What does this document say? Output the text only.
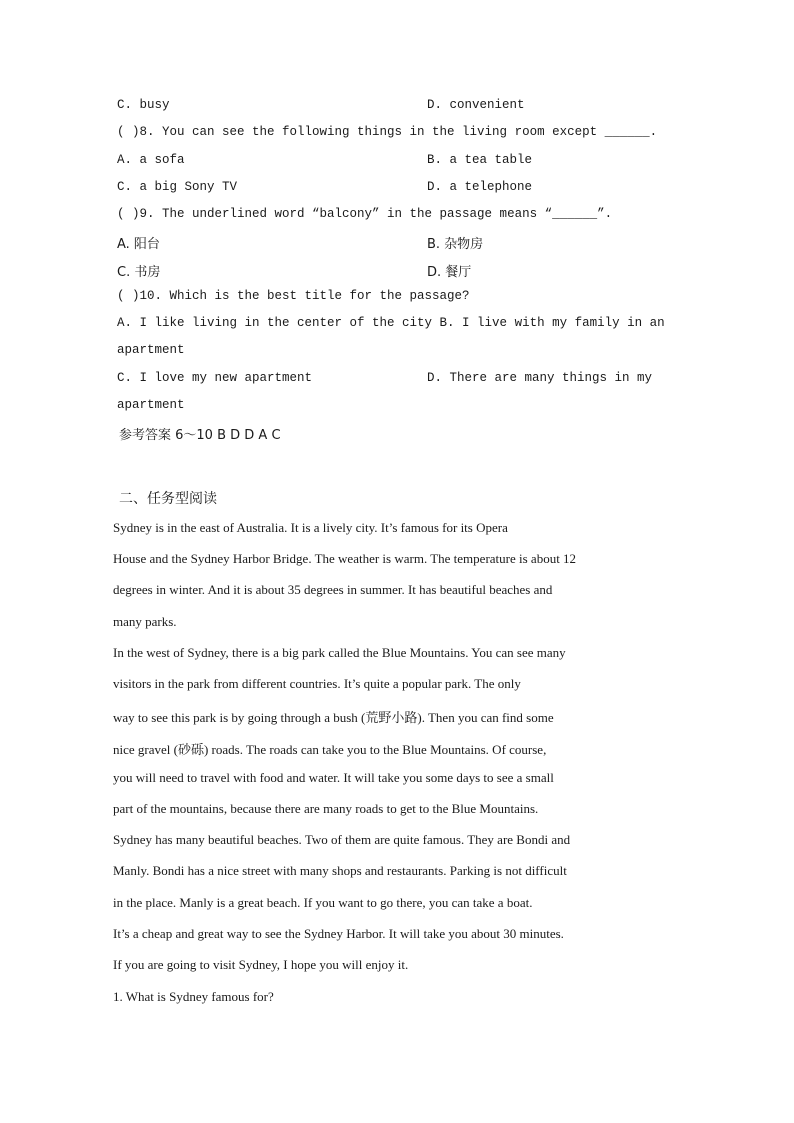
C. busy	D. convenient
( )8. You can see the following things in the living room except ______.
A. a sofa	B. a tea table
C. a big Sony TV	D. a telephone
( )9. The underlined word “balcony” in the passage means “______”.
A. 阳台	B. 杂物房
C. 书房	D. 餐厅
( )10. Which is the best title for the passage?
A. I like living in the center of the city B. I live with my family in an
apartment
C. I love my new apartment	D. There are many things in my
apartment
参考答案 6～10 B D D A C
二、任务型阅读
Sydney is in the east of Australia. It is a lively city. It’s famous for its Opera
House and the Sydney Harbor Bridge. The weather is warm. The temperature is about 12
degrees in winter. And it is about 35 degrees in summer. It has beautiful beaches and
many parks.
In the west of Sydney, there is a big park called the Blue Mountains. You can see many
visitors in the park from different countries. It’s quite a popular park. The only
way to see this park is by going through a bush (荒野小路). Then you can find some
nice gravel (砂砾) roads. The roads can take you to the Blue Mountains. Of course,
you will need to travel with food and water. It will take you some days to see a small
part of the mountains, because there are many roads to get to the Blue Mountains.
Sydney has many beautiful beaches. Two of them are quite famous. They are Bondi and
Manly. Bondi has a nice street with many shops and restaurants. Parking is not difficult
in the place. Manly is a great beach. If you want to go there, you can take a boat.
It’s a cheap and great way to see the Sydney Harbor. It will take you about 30 minutes.
If you are going to visit Sydney, I hope you will enjoy it.
1. What is Sydney famous for?
